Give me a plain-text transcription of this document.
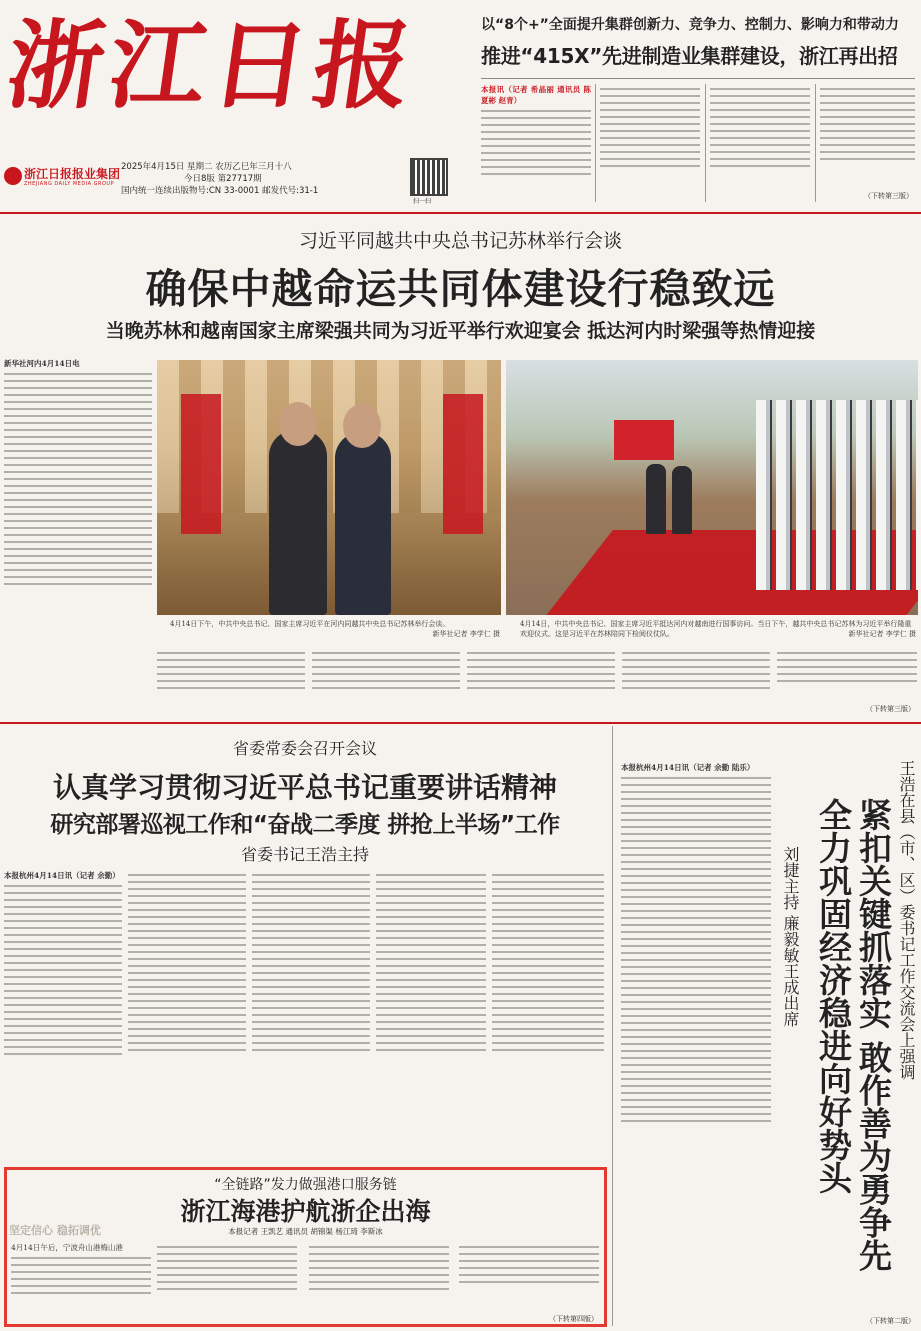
浙江日报
浙江日报报业集团
ZHEJIANG DAILY MEDIA GROUP
2025年4月15日 星期二 农历乙巳年三月十八
今日8版 第27717期
国内统一连续出版物号:CN 33-0001 邮发代号:31-1
扫一扫
以“8个+”全面提升集群创新力、竞争力、控制力、影响力和带动力
推进“415X”先进制造业集群建设，浙江再出招
本报讯（记者 希晶丽 通讯员 陈夏彬 赵青）
（下转第三版）
习近平同越共中央总书记苏林举行会谈
确保中越命运共同体建设行稳致远
当晚苏林和越南国家主席梁强共同为习近平举行欢迎宴会 抵达河内时梁强等热情迎接
新华社河内4月14日电
4月14日下午，中共中央总书记、国家主席习近平在河内同越共中央总书记苏林举行会谈。

新华社记者 李学仁 摄
4月14日，中共中央总书记、国家主席习近平抵达河内对越南进行国事访问。当日下午，越共中央总书记苏林为习近平举行隆重欢迎仪式。这是习近平在苏林陪同下检阅仪仗队。	新华社记者 李学仁 摄
（下转第三版）
省委常委会召开会议
认真学习贯彻习近平总书记重要讲话精神
研究部署巡视工作和“奋战二季度 拼抢上半场”工作
省委书记王浩主持
本报杭州4月14日讯（记者 余勤）
本报杭州4月14日讯（记者 余勤 陆乐）	王浩在县（市、区）委书记工作交流会上强调
紧扣关键抓落实 敢作善为勇争先
全力巩固经济稳进向好势头
刘捷主持 廉毅敏王成出席
（下转第二版）
“全链路”发力做强港口服务链
浙江海港护航浙企出海
本报记者 王凯艺 通讯员 胡锦渠 杨江琦 李斯冰
坚定信心 稳拓调优
4月14日午后，宁波舟山港梅山港
（下转第四版）
